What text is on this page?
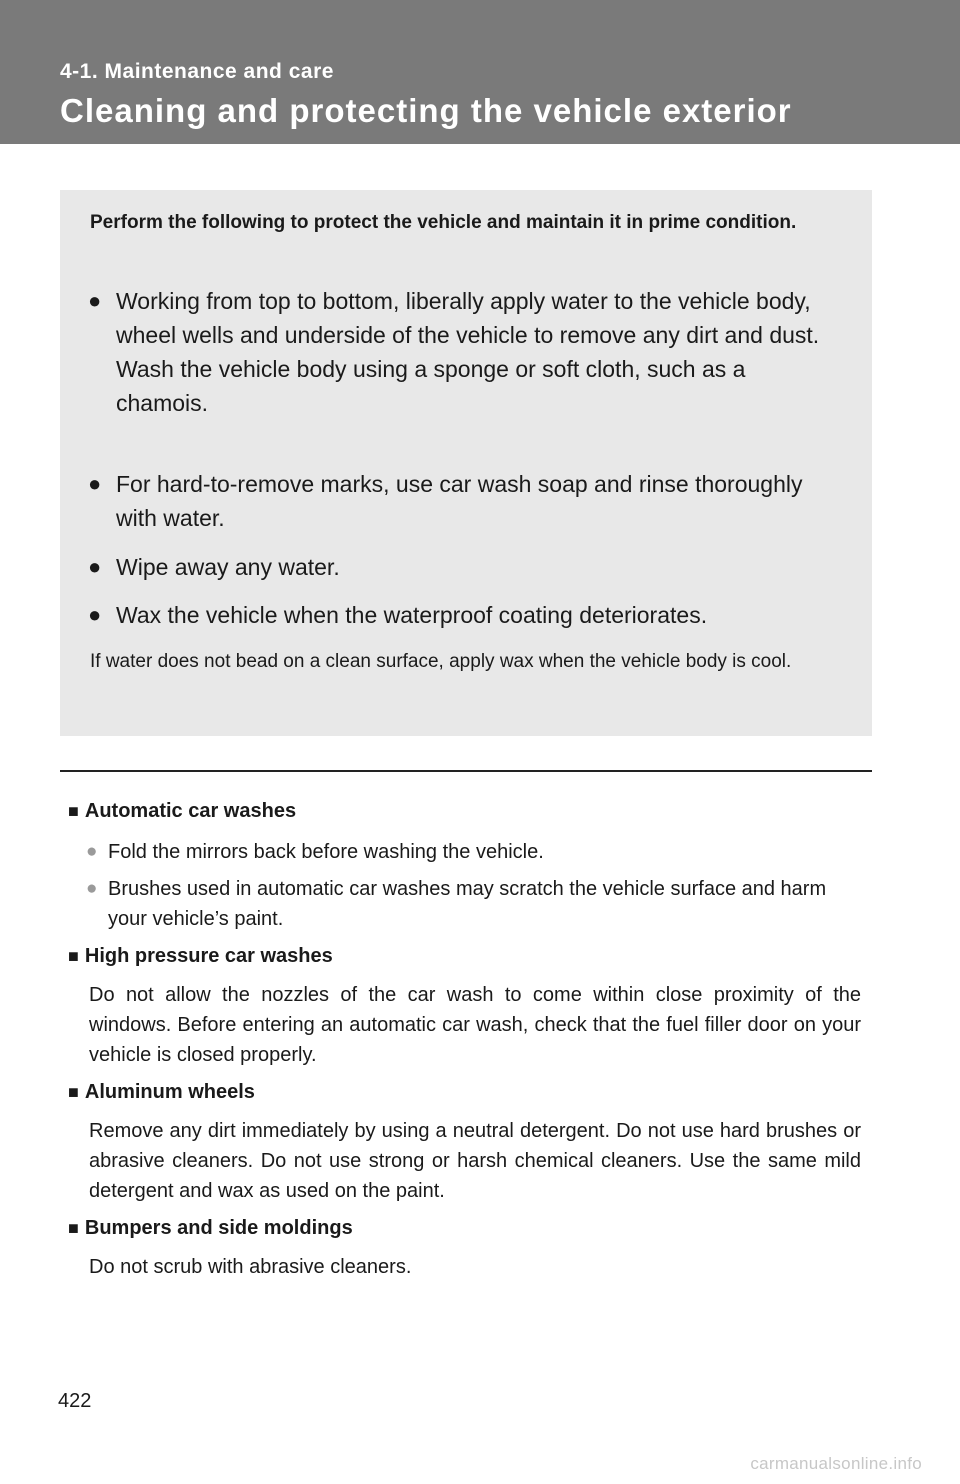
4-1. Maintenance and care
Cleaning and protecting the vehicle exterior
Perform the following to protect the vehicle and maintain it in prime condition.
● Working from top to bottom, liberally apply water to the vehicle body, wheel wells and underside of the vehicle to remove any dirt and dust.

Wash the vehicle body using a sponge or soft cloth, such as a chamois.

● For hard-to-remove marks, use car wash soap and rinse thoroughly with water.

● Wipe away any water.

● Wax the vehicle when the waterproof coating deteriorates.

If water does not bead on a clean surface, apply wax when the vehicle body is cool.
■ Automatic car washes
● Fold the mirrors back before washing the vehicle.
● Brushes used in automatic car washes may scratch the vehicle surface and harm your vehicle’s paint.
■ High pressure car washes
Do not allow the nozzles of the car wash to come within close proximity of the windows. Before entering an automatic car wash, check that the fuel filler door on your vehicle is closed properly.
■ Aluminum wheels
Remove any dirt immediately by using a neutral detergent. Do not use hard brushes or abrasive cleaners. Do not use strong or harsh chemical cleaners. Use the same mild detergent and wax as used on the paint.
■ Bumpers and side moldings
Do not scrub with abrasive cleaners.
422
carmanualsonline.info
